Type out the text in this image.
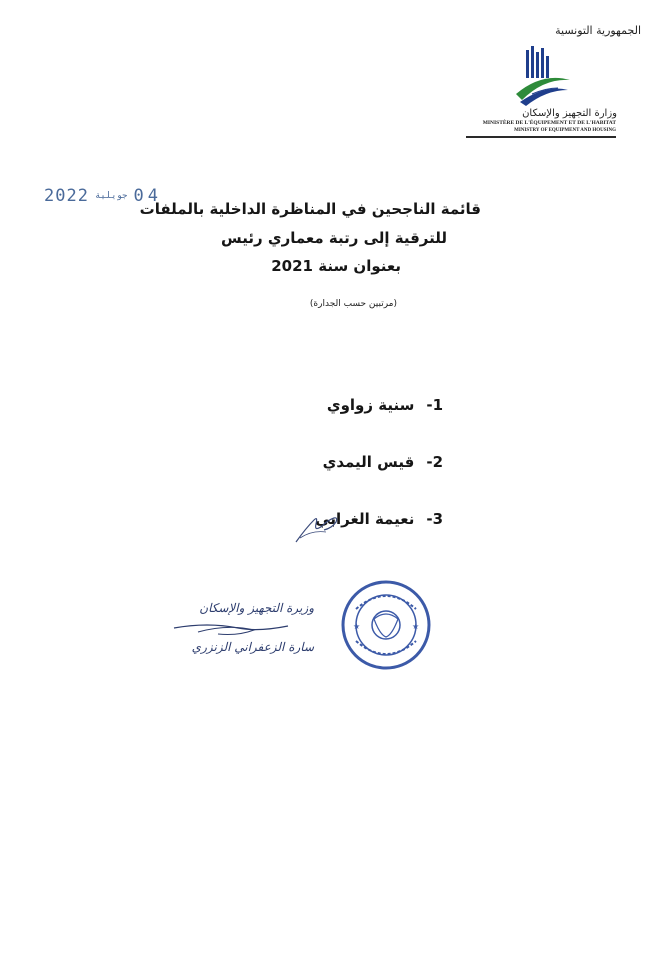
الجمهورية التونسية
وزارة التجهيز والإسكان
MINISTÈRE DE L'ÉQUIPEMENT ET DE L'HABITAT
MINISTRY OF EQUIPMENT AND HOUSING
2022 جويلية 04
قائمة الناجحين في المناظرة الداخلية بالملفات
للترقية إلى رتبة معماري رئيس
بعنوان سنة 2021
(مرتبين حسب الجدارة)
1-سنية زواوي
2-قيس اليمدي
3-نعيمة الغرابي
★	★
وزيرة التجهيز والإسكان
سارة الزعفراني الزنزري
